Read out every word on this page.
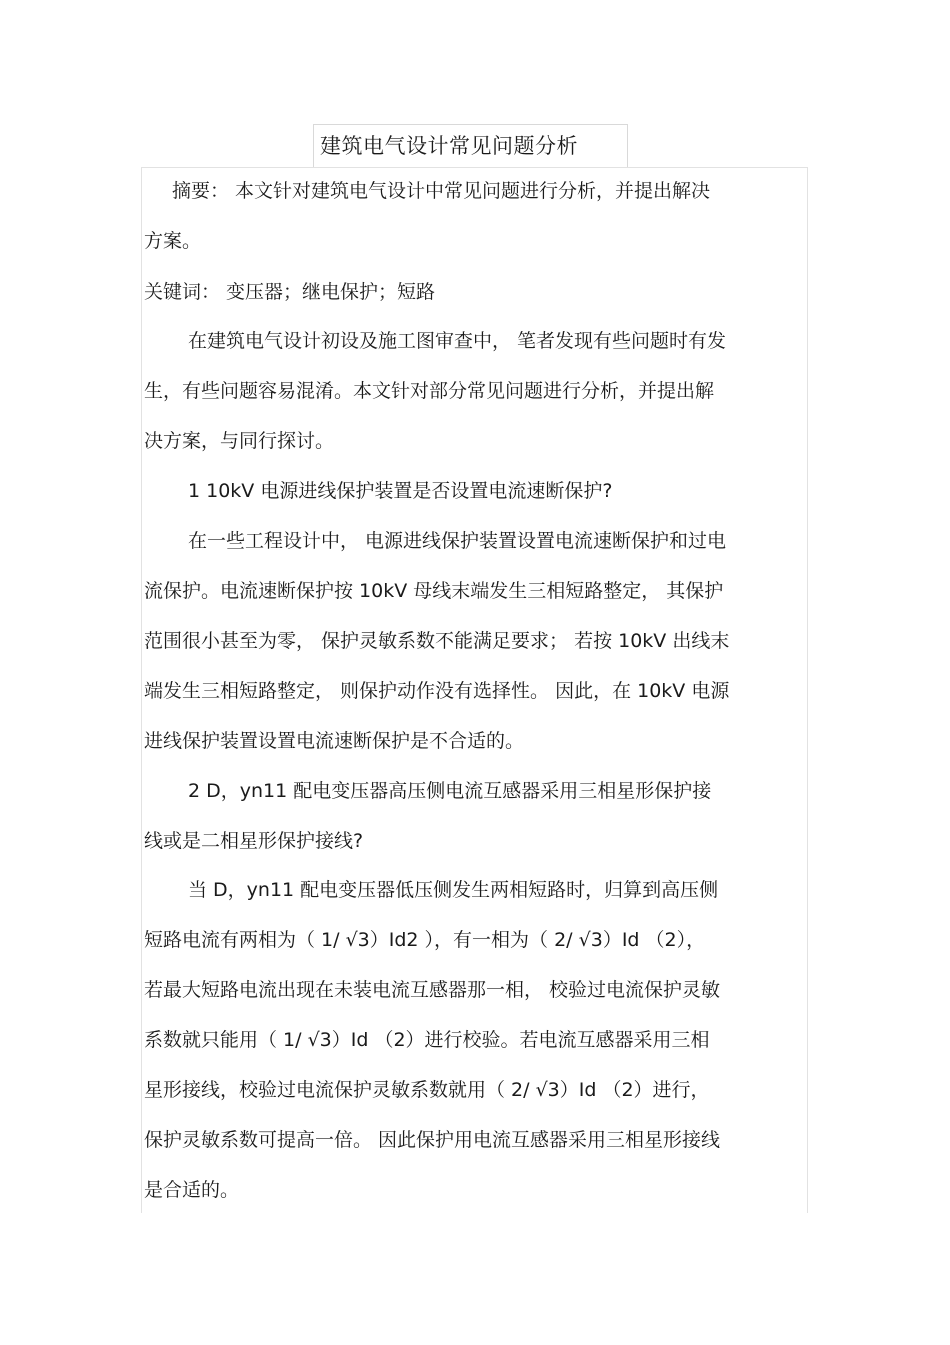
建筑电气设计常见问题分析
摘要： 本文针对建筑电气设计中常见问题进行分析，并提出解决
方案。
关键词： 变压器；继电保护；短路
在建筑电气设计初设及施工图审查中， 笔者发现有些问题时有发
生，有些问题容易混淆。本文针对部分常见问题进行分析，并提出解
决方案，与同行探讨。
1 10kV 电源进线保护装置是否设置电流速断保护?
在一些工程设计中， 电源进线保护装置设置电流速断保护和过电
流保护。电流速断保护按 10kV 母线末端发生三相短路整定， 其保护
范围很小甚至为零， 保护灵敏系数不能满足要求； 若按 10kV 出线末
端发生三相短路整定， 则保护动作没有选择性。 因此，在 10kV 电源
进线保护装置设置电流速断保护是不合适的。
2 D，yn11 配电变压器高压侧电流互感器采用三相星形保护接
线或是二相星形保护接线?
当 D，yn11 配电变压器低压侧发生两相短路时，归算到高压侧
短路电流有两相为（ 1/ √3）Id2 ），有一相为（ 2/ √3）Id （2），
若最大短路电流出现在未装电流互感器那一相， 校验过电流保护灵敏
系数就只能用（ 1/ √3）Id （2）进行校验。若电流互感器采用三相
星形接线，校验过电流保护灵敏系数就用（ 2/ √3）Id （2）进行，
保护灵敏系数可提高一倍。 因此保护用电流互感器采用三相星形接线
是合适的。
